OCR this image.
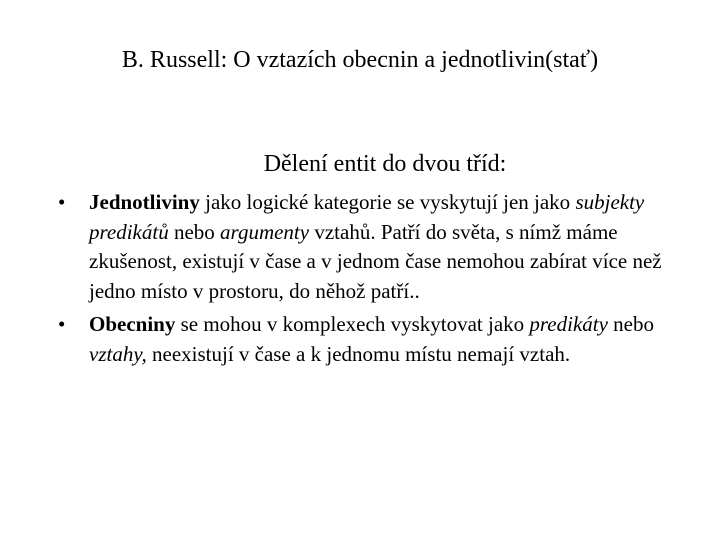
B. Russell: O vztazích obecnin a jednotlivin(stať)
Dělení entit do dvou tříd:
•	Jednotliviny jako logické kategorie se vyskytují jen jako subjekty predikátů nebo argumenty vztahů. Patří do světa, s nímž máme zkušenost, existují v čase a v jednom čase nemohou zabírat více než jedno místo v prostoru, do něhož patří..
•	Obecniny se mohou v komplexech vyskytovat jako predikáty nebo vztahy, neexistují v čase a k jednomu místu nemají vztah.
